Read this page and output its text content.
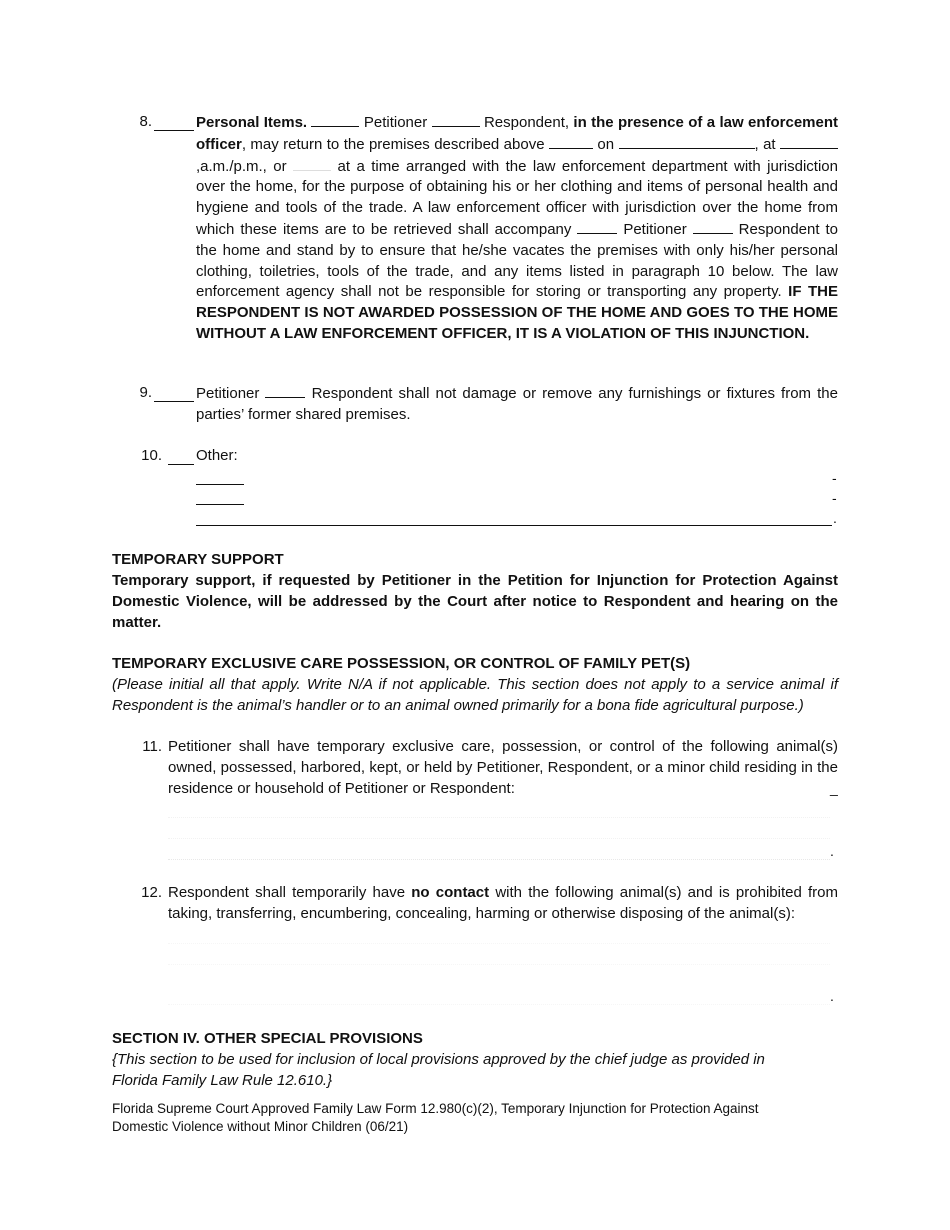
8.	Personal Items.	Petitioner	Respondent, in the presence of a law enforcement officer, may return to the premises described above	on	, at ,a.m./p.m., or	at a time arranged with the law enforcement department with jurisdiction over the home, for the purpose of obtaining his or her clothing and items of personal health and hygiene and tools of the trade. A law enforcement officer with jurisdiction over the home from which these items are to be retrieved shall accompany	Petitioner	Respondent to the home and stand by to ensure that he/she vacates the premises with only his/her personal clothing, toiletries, tools of the trade, and any items listed in paragraph 10 below. The law enforcement agency shall not be responsible for storing or transporting any property. IF THE RESPONDENT IS NOT AWARDED POSSESSION OF THE HOME AND GOES TO THE HOME WITHOUT A LAW ENFORCEMENT OFFICER, IT IS A VIOLATION OF THIS INJUNCTION.
9.	Petitioner	Respondent shall not damage or remove any furnishings or fixtures from the parties’ former shared premises.
10. Other:
-
-
.
TEMPORARY SUPPORT
Temporary support, if requested by Petitioner in the Petition for Injunction for Protection Against Domestic Violence, will be addressed by the Court after notice to Respondent and hearing on the matter.
TEMPORARY EXCLUSIVE CARE POSSESSION, OR CONTROL OF FAMILY PET(S)
(Please initial all that apply. Write N/A if not applicable. This section does not apply to a service animal if Respondent is the animal’s handler or to an animal owned primarily for a bona fide agricultural purpose.)
11. Petitioner shall have temporary exclusive care, possession, or control of the following animal(s) owned, possessed, harbored, kept, or held by Petitioner, Respondent, or a minor child residing in the residence or household of Petitioner or Respondent:	_
.
12. Respondent shall temporarily have no contact with the following animal(s) and is prohibited from taking, transferring, encumbering, concealing, harming or otherwise disposing of the animal(s):
.
SECTION IV. OTHER SPECIAL PROVISIONS
{This section to be used for inclusion of local provisions approved by the chief judge as provided in Florida Family Law Rule 12.610.}
Florida Supreme Court Approved Family Law Form 12.980(c)(2), Temporary Injunction for Protection Against Domestic Violence without Minor Children (06/21)
